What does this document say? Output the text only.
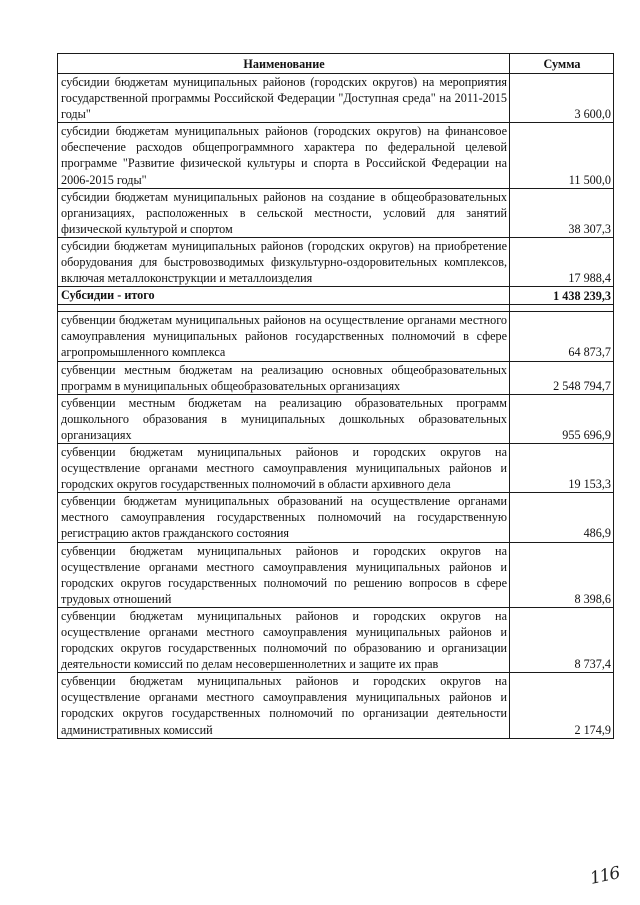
Наименование	Сумма
субсидии бюджетам муниципальных районов (городских округов) на мероприятия государственной программы Российской Федерации "Доступная среда" на 2011-2015 годы"	3 600,0
субсидии бюджетам муниципальных районов (городских округов) на финансовое обеспечение расходов общепрограммного характера по федеральной целевой программе "Развитие физической культуры и спорта в Российской Федерации на 2006-2015 годы"	11 500,0
субсидии бюджетам муниципальных районов на создание в общеобразовательных организациях, расположенных в сельской местности, условий для занятий физической культурой и спортом	38 307,3
субсидии бюджетам муниципальных районов (городских округов) на приобретение оборудования для быстровозводимых физкультурно-оздоровительных комплексов, включая металлоконструкции и металлоизделия	17 988,4
Субсидии - итого	1 438 239,3

субвенции бюджетам муниципальных районов на осуществление органами местного самоуправления муниципальных районов государственных полномочий в сфере агропромышленного комплекса	64 873,7
субвенции местным бюджетам на реализацию основных общеобразовательных программ в муниципальных общеобразовательных организациях	2 548 794,7
субвенции местным бюджетам на реализацию образовательных программ дошкольного образования в муниципальных дошкольных образовательных организациях	955 696,9
субвенции бюджетам муниципальных районов и городских округов на осуществление органами местного самоуправления муниципальных районов и городских округов государственных полномочий в области архивного дела	19 153,3
субвенции бюджетам муниципальных образований на осуществление органами местного самоуправления государственных полномочий на государственную регистрацию актов гражданского состояния	486,9
субвенции бюджетам муниципальных районов и городских округов на осуществление органами местного самоуправления муниципальных районов и городских округов государственных полномочий по решению вопросов в сфере трудовых отношений	8 398,6
субвенции бюджетам муниципальных районов и городских округов на осуществление органами местного самоуправления муниципальных районов и городских округов государственных полномочий по образованию и организации деятельности комиссий по делам несовершеннолетних и защите их прав	8 737,4
субвенции бюджетам муниципальных районов и городских округов на осуществление органами местного самоуправления муниципальных районов и городских округов государственных полномочий по организации деятельности административных комиссий	2 174,9
116
